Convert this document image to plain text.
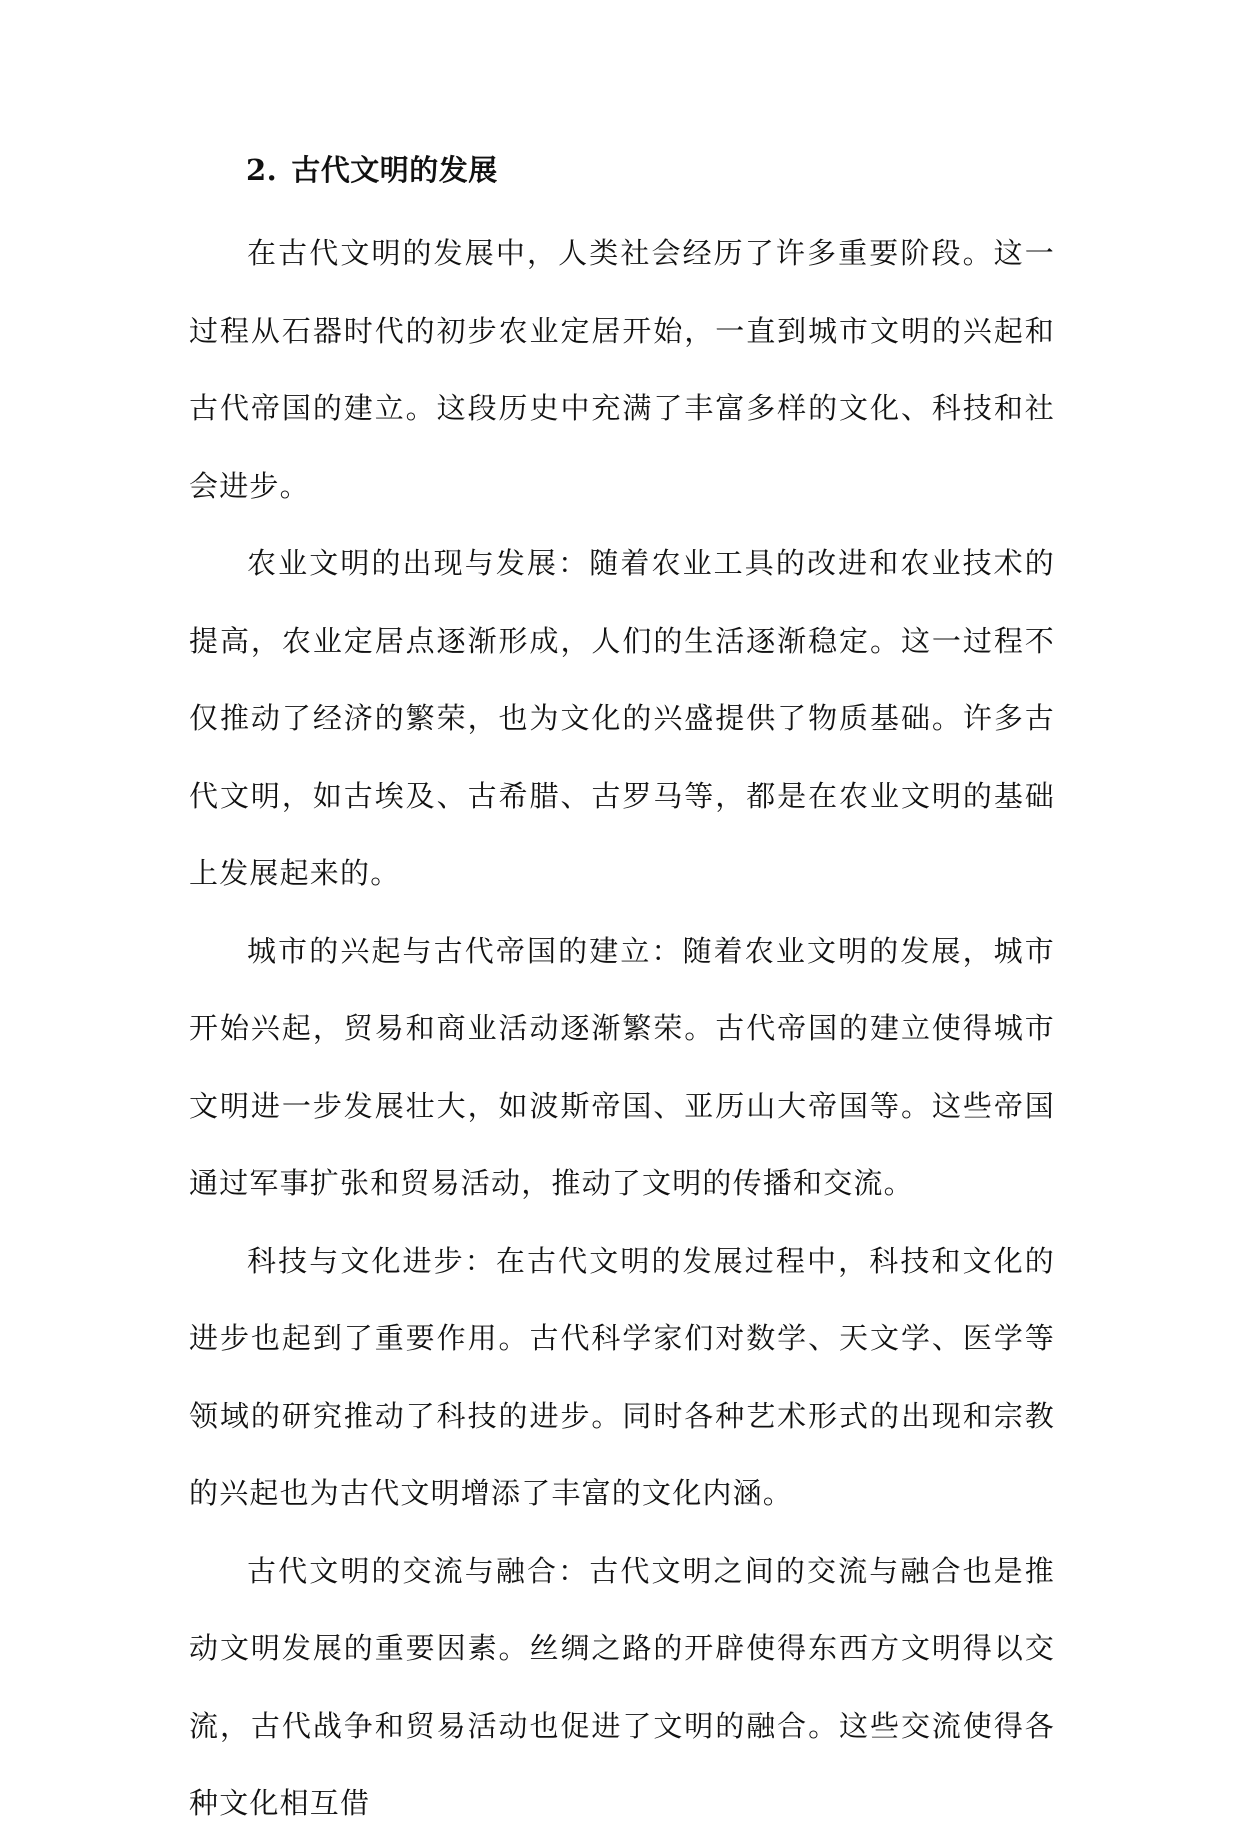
2. 古代文明的发展

在古代文明的发展中，人类社会经历了许多重要阶段。这一过程从石器时代的初步农业定居开始，一直到城市文明的兴起和古代帝国的建立。这段历史中充满了丰富多样的文化、科技和社会进步。

农业文明的出现与发展：随着农业工具的改进和农业技术的提高，农业定居点逐渐形成，人们的生活逐渐稳定。这一过程不仅推动了经济的繁荣，也为文化的兴盛提供了物质基础。许多古代文明，如古埃及、古希腊、古罗马等，都是在农业文明的基础上发展起来的。

城市的兴起与古代帝国的建立：随着农业文明的发展，城市开始兴起，贸易和商业活动逐渐繁荣。古代帝国的建立使得城市文明进一步发展壮大，如波斯帝国、亚历山大帝国等。这些帝国通过军事扩张和贸易活动，推动了文明的传播和交流。

科技与文化进步：在古代文明的发展过程中，科技和文化的进步也起到了重要作用。古代科学家们对数学、天文学、医学等领域的研究推动了科技的进步。同时各种艺术形式的出现和宗教的兴起也为古代文明增添了丰富的文化内涵。

古代文明的交流与融合：古代文明之间的交流与融合也是推动文明发展的重要因素。丝绸之路的开辟使得东西方文明得以交流，古代战争和贸易活动也促进了文明的融合。这些交流使得各种文化相互借
